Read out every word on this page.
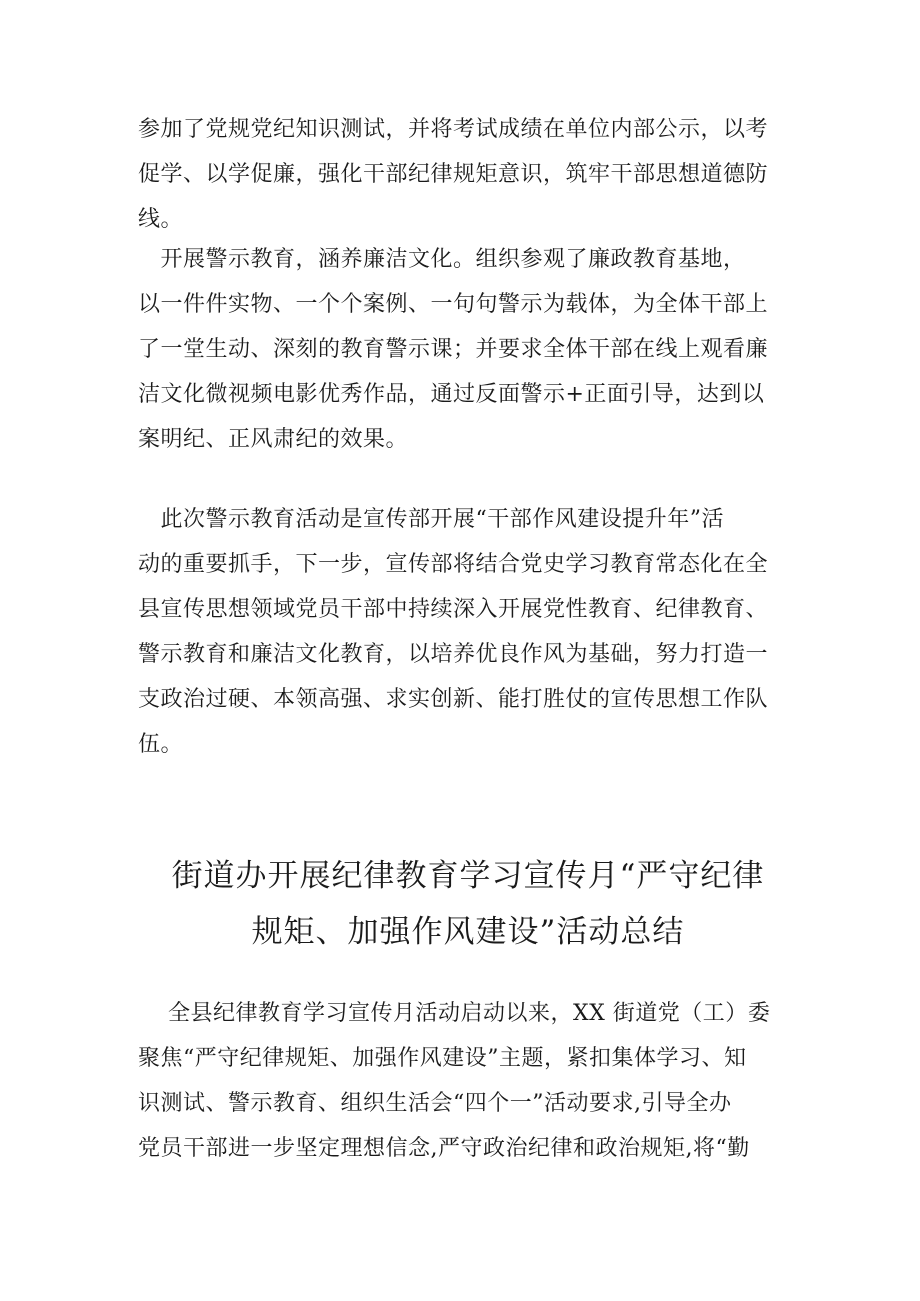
参加了党规党纪知识测试，并将考试成绩在单位内部公示，以考
促学、以学促廉，强化干部纪律规矩意识，筑牢干部思想道德防
线。
　开展警示教育，涵养廉洁文化。组织参观了廉政教育基地，
以一件件实物、一个个案例、一句句警示为载体，为全体干部上
了一堂生动、深刻的教育警示课；并要求全体干部在线上观看廉
洁文化微视频电影优秀作品，通过反面警示+正面引导，达到以
案明纪、正风肃纪的效果。
　此次警示教育活动是宣传部开展“干部作风建设提升年”活
动的重要抓手，下一步，宣传部将结合党史学习教育常态化在全
县宣传思想领域党员干部中持续深入开展党性教育、纪律教育、
警示教育和廉洁文化教育，以培养优良作风为基础，努力打造一
支政治过硬、本领高强、求实创新、能打胜仗的宣传思想工作队
伍。
街道办开展纪律教育学习宣传月“严守纪律
规矩、加强作风建设”活动总结
　 全县纪律教育学习宣传月活动启动以来，XX 街道党（工）委
聚焦“严守纪律规矩、加强作风建设”主题，紧扣集体学习、知
识测试、警示教育、组织生活会“四个一”活动要求,引导全办
党员干部进一步坚定理想信念,严守政治纪律和政治规矩,将“勤
